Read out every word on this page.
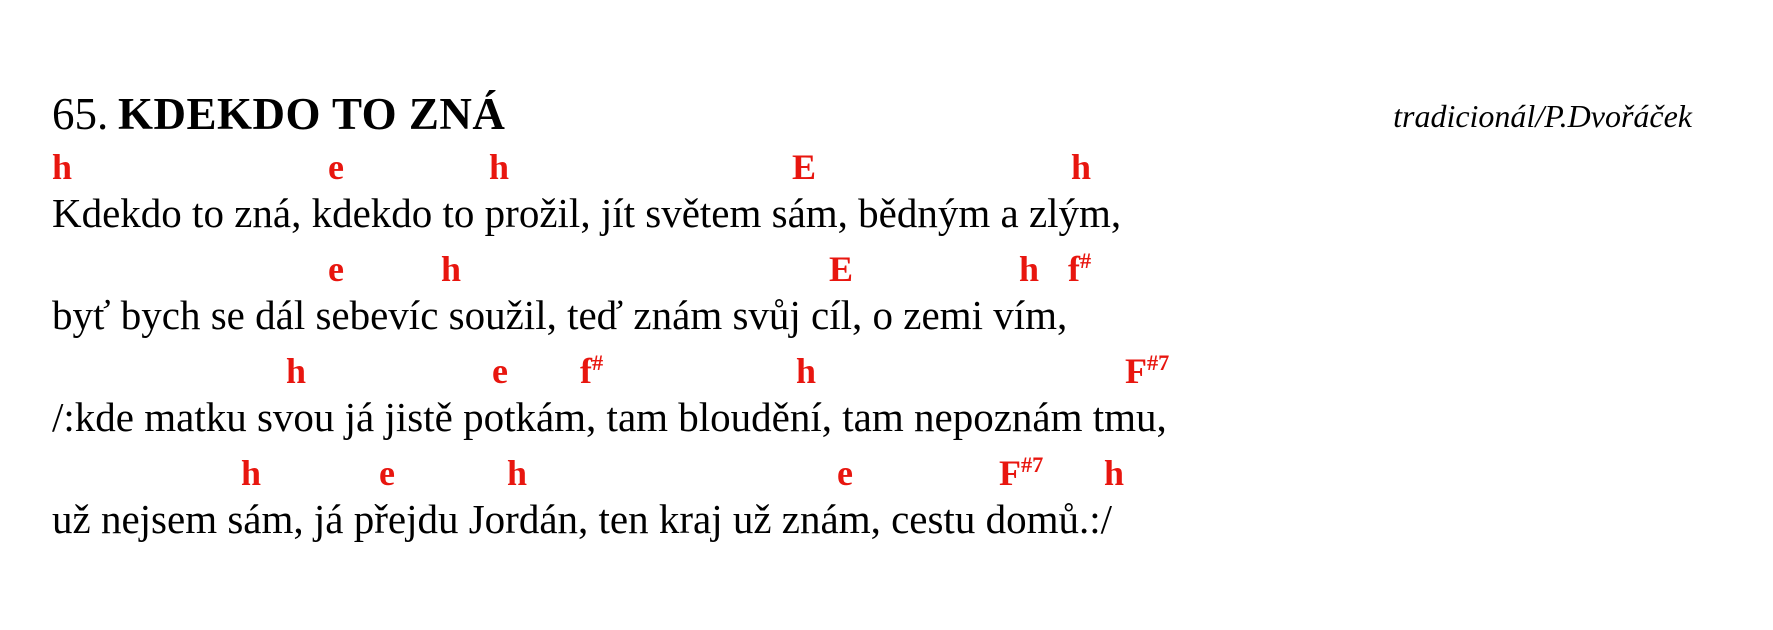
65. KDEKDO TO ZNÁ	tradicionál/P.Dvořáček
h	e	h	E	h
Kdekdo to zná, kdekdo to prožil, jít světem sám, bědným a zlým,
e	h	E	h f#
byť bych se dál sebevíc soužil, teď znám svůj cíl, o zemi vím,
h	e f#	h	$F^{\#7}$
/:kde matku svou já jistě potkám, tam bloudění, tam nepoznám tmu,
h	e	h	e	$F^{\#7}$ h
už nejsem sám, já přejdu Jordán, ten kraj už znám, cestu domů.:/
